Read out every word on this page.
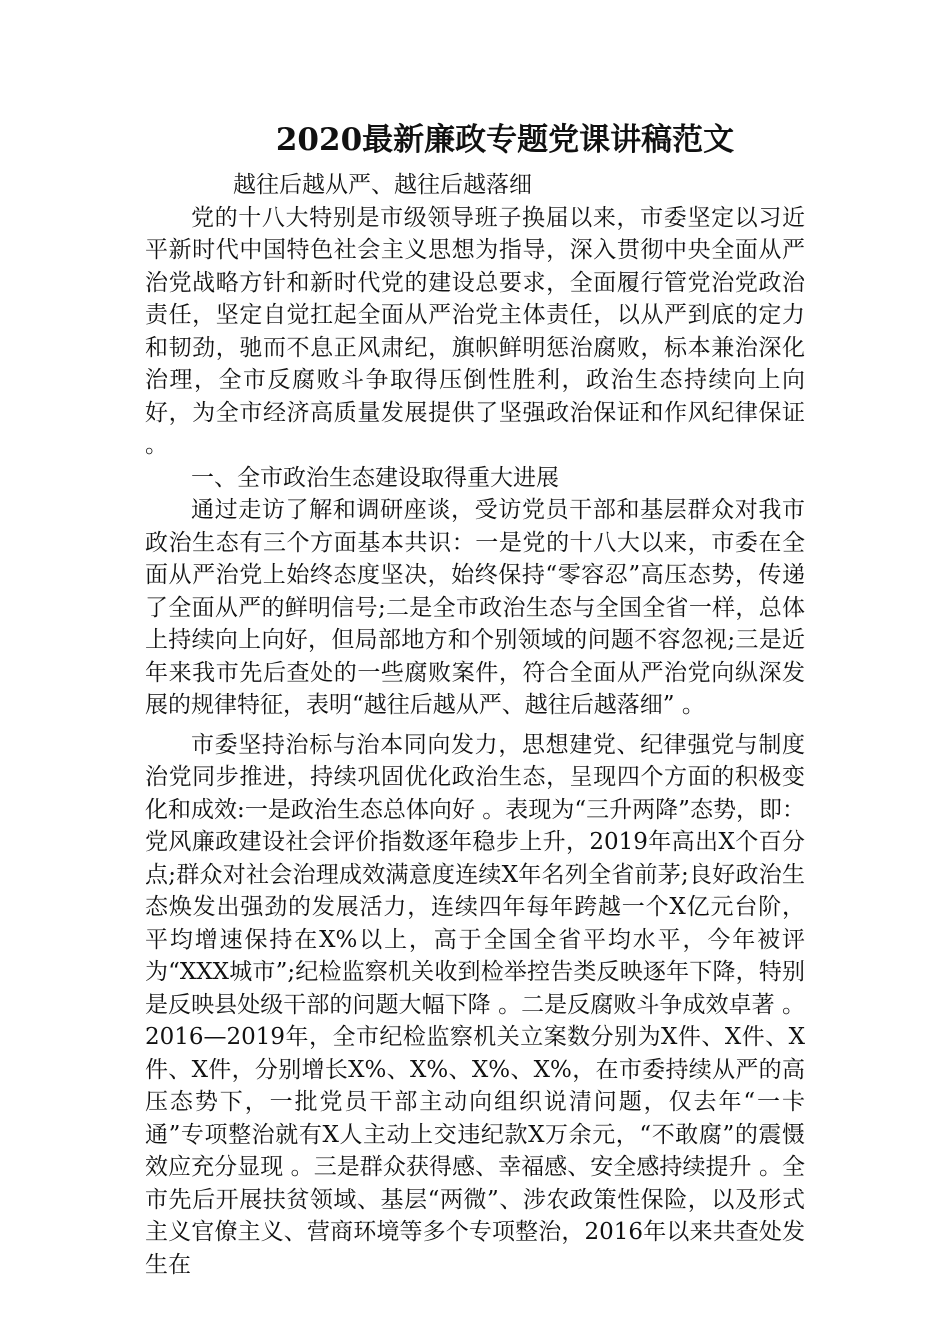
2020最新廉政专题党课讲稿范文

越往后越从严、越往后越落细

党的十八大特别是市级领导班子换届以来，市委坚定以习近平新时代中国特色社会主义思想为指导，深入贯彻中央全面从严治党战略方针和新时代党的建设总要求，全面履行管党治党政治责任，坚定自觉扛起全面从严治党主体责任，以从严到底的定力和韧劲，驰而不息正风肃纪，旗帜鲜明惩治腐败，标本兼治深化治理，全市反腐败斗争取得压倒性胜利，政治生态持续向上向好，为全市经济高质量发展提供了坚强政治保证和作风纪律保证 。

一、全市政治生态建设取得重大进展

通过走访了解和调研座谈，受访党员干部和基层群众对我市政治生态有三个方面基本共识：一是党的十八大以来，市委在全面从严治党上始终态度坚决，始终保持“零容忍”高压态势，传递了全面从严的鲜明信号;二是全市政治生态与全国全省一样，总体上持续向上向好，但局部地方和个别领域的问题不容忽视;三是近年来我市先后查处的一些腐败案件，符合全面从严治党向纵深发展的规律特征，表明“越往后越从严、越往后越落细” 。

市委坚持治标与治本同向发力，思想建党、纪律强党与制度治党同步推进，持续巩固优化政治生态，呈现四个方面的积极变化和成效:一是政治生态总体向好 。表现为“三升两降”态势，即：党风廉政建设社会评价指数逐年稳步上升，2019年高出X个百分点;群众对社会治理成效满意度连续X年名列全省前茅;良好政治生态焕发出强劲的发展活力，连续四年每年跨越一个X亿元台阶，平均增速保持在X%以上，高于全国全省平均水平，今年被评为“XXX城市”;纪检监察机关收到检举控告类反映逐年下降，特别是反映县处级干部的问题大幅下降 。二是反腐败斗争成效卓著 。2016—2019年，全市纪检监察机关立案数分别为X件、X件、X件、X件，分别增长X%、X%、X%、X%，在市委持续从严的高压态势下，一批党员干部主动向组织说清问题，仅去年“一卡通”专项整治就有X人主动上交违纪款X万余元，“不敢腐”的震慑效应充分显现 。三是群众获得感、幸福感、安全感持续提升 。全市先后开展扶贫领域、基层“两微”、涉农政策性保险，以及形式主义官僚主义、营商环境等多个专项整治，2016年以来共查处发生在
